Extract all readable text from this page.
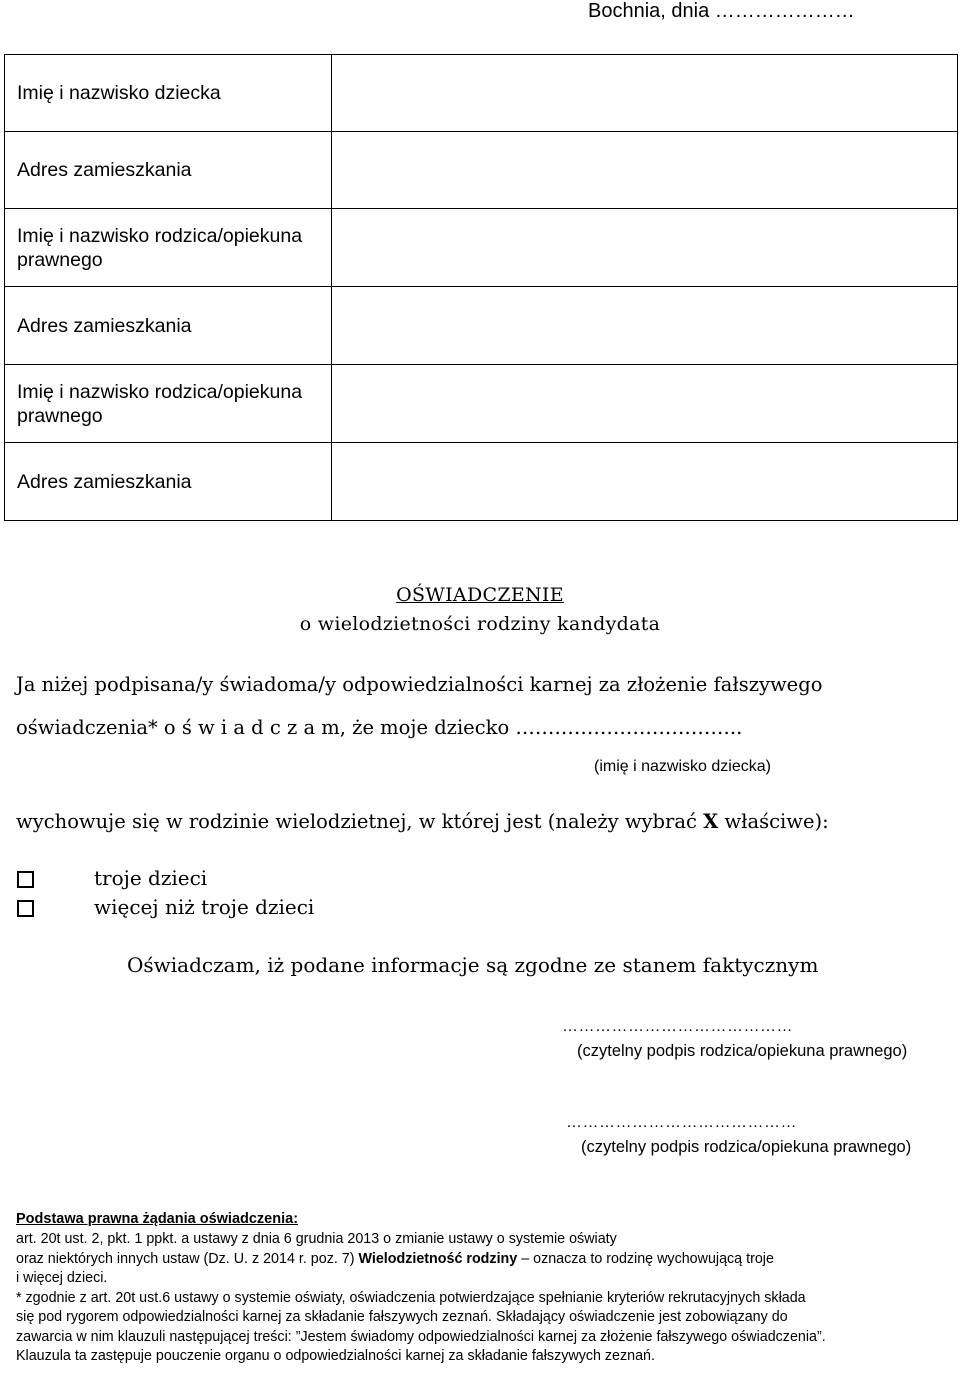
Bochnia, dnia …………………
Imię i nazwisko dziecka	
Adres zamieszkania	
Imię i nazwisko rodzica/opiekuna prawnego	
Adres zamieszkania	
Imię i nazwisko rodzica/opiekuna prawnego	
Adres zamieszkania	
OŚWIADCZENIE
o wielodzietności rodziny kandydata
Ja niżej podpisana/y świadoma/y odpowiedzialności karnej za złożenie fałszywego
oświadczenia* o ś w i a d c z a m, że moje dziecko ……………………………..
(imię i nazwisko dziecka)
wychowuje się w rodzinie wielodzietnej, w której jest (należy wybrać X właściwe):
troje dzieci
więcej niż troje dzieci
Oświadczam, iż podane informacje są zgodne ze stanem faktycznym
……………………………………
(czytelny podpis rodzica/opiekuna prawnego)
……………………………………
(czytelny podpis rodzica/opiekuna prawnego)
Podstawa prawna żądania oświadczenia:
art. 20t ust. 2, pkt. 1 ppkt. a ustawy z dnia 6 grudnia 2013 o zmianie ustawy o systemie oświaty
oraz niektórych innych ustaw (Dz. U. z 2014 r. poz. 7) Wielodzietność rodziny – oznacza to rodzinę wychowującą troje
i więcej dzieci.
* zgodnie z art. 20t ust.6 ustawy o systemie oświaty, oświadczenia potwierdzające spełnianie kryteriów rekrutacyjnych składa
się pod rygorem odpowiedzialności karnej za składanie fałszywych zeznań. Składający oświadczenie jest zobowiązany do
zawarcia w nim klauzuli następującej treści: ”Jestem świadomy odpowiedzialności karnej za złożenie fałszywego oświadczenia”.
Klauzula ta zastępuje pouczenie organu o odpowiedzialności karnej za składanie fałszywych zeznań.
